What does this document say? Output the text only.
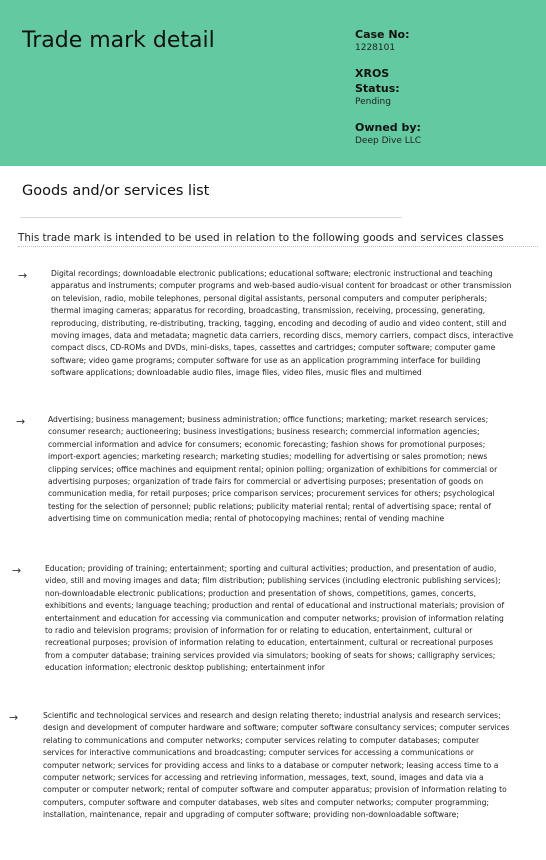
Trade mark detail	Case No:
1228101
XROS
Status:
Pending
Owned by:
Deep Dive LLC
Goods and/or services list
This trade mark is intended to be used in relation to the following goods and services classes
→	Digital recordings; downloadable electronic publications; educational software; electronic instructional and teaching apparatus and instruments; computer programs and web-based audio-visual content for broadcast or other transmission on television, radio, mobile telephones, personal digital assistants, personal computers and computer peripherals; thermal imaging cameras; apparatus for recording, broadcasting, transmission, receiving, processing, generating, reproducing, distributing, re-distributing, tracking, tagging, encoding and decoding of audio and video content, still and moving images, data and metadata; magnetic data carriers, recording discs, memory carriers, compact discs, interactive compact discs, CD-ROMs and DVDs, mini-disks, tapes, cassettes and cartridges; computer software; computer game software; video game programs; computer software for use as an application programming interface for building software applications; downloadable audio files, image files, video files, music files and multimed

→	Advertising; business management; business administration; office functions; marketing; market research services; consumer research; auctioneering; business investigations; business research; commercial information agencies; commercial information and advice for consumers; economic forecasting; fashion shows for promotional purposes; import-export agencies; marketing research; marketing studies; modelling for advertising or sales promotion; news clipping services; office machines and equipment rental; opinion polling; organization of exhibitions for commercial or advertising purposes; organization of trade fairs for commercial or advertising purposes; presentation of goods on communication media, for retail purposes; price comparison services; procurement services for others; psychological testing for the selection of personnel; public relations; publicity material rental; rental of advertising space; rental of advertising time on communication media; rental of photocopying machines; rental of vending machine

→	Education; providing of training; entertainment; sporting and cultural activities; production, and presentation of audio, video, still and moving images and data; film distribution; publishing services (including electronic publishing services); non-downloadable electronic publications; production and presentation of shows, competitions, games, concerts, exhibitions and events; language teaching; production and rental of educational and instructional materials; provision of entertainment and education for accessing via communication and computer networks; provision of information relating to radio and television programs; provision of information for or relating to education, entertainment, cultural or recreational purposes; provision of information relating to education, entertainment, cultural or recreational purposes from a computer database; training services provided via simulators; booking of seats for shows; calligraphy services; education information; electronic desktop publishing; entertainment infor

→	Scientific and technological services and research and design relating thereto; industrial analysis and research services; design and development of computer hardware and software; computer software consultancy services; computer services relating to communications and computer networks; computer services relating to computer databases; computer services for interactive communications and broadcasting; computer services for accessing a communications or computer network; services for providing access and links to a database or computer network; leasing access time to a computer network; services for accessing and retrieving information, messages, text, sound, images and data via a computer or computer network; rental of computer software and computer apparatus; provision of information relating to computers, computer software and computer databases, web sites and computer networks; computer programming; installation, maintenance, repair and upgrading of computer software; providing non-downloadable software;
